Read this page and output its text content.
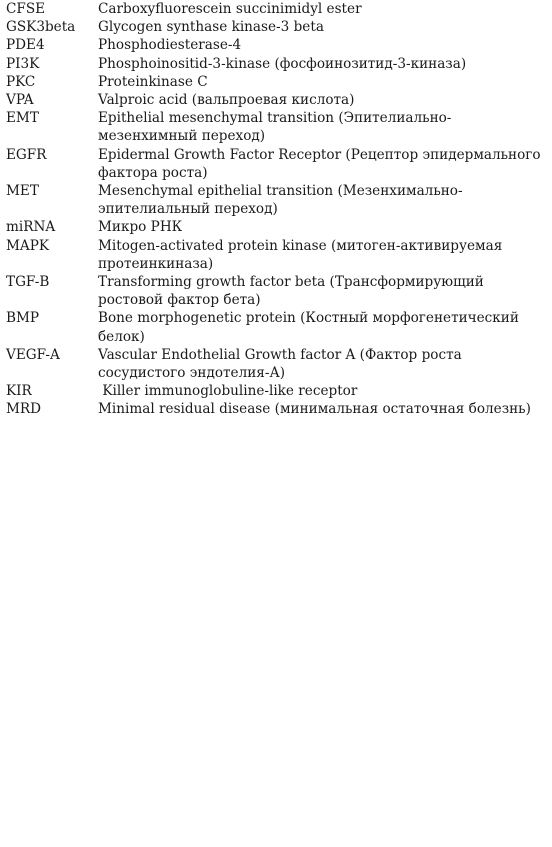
CFSE	Carboxyfluorescein succinimidyl ester
GSK3beta	Glycogen synthase kinase-3 beta
PDE4	Phosphodiesterase-4
PI3K	Phosphoinositid-3-kinase (фосфоинозитид-3-киназа)
PKC	Proteinkinase C
VPA	Valproic acid (вальпроевая кислота)
EMT	Epithelial mesenchymal transition (Эпителиально-мезенхимный переход)
EGFR	Epidermal Growth Factor Receptor (Рецептор эпидермального фактора роста)
MET	Mesenchymal epithelial transition (Мезенхимально-эпителиальный переход)
miRNA	Микро РНК
MAPK	Mitogen-activated protein kinase (митоген-активируемая протеинкиназа)
TGF-B	Transforming growth factor beta (Трансформирующий ростовой фактор бета)
BMP	Bone morphogenetic protein (Костный морфогенетический белок)
VEGF-A	Vascular Endothelial Growth factor A (Фактор роста сосудистого эндотелия-А)
KIR	Killer immunoglobuline-like receptor
MRD	Minimal residual disease (минимальная остаточная болезнь)
